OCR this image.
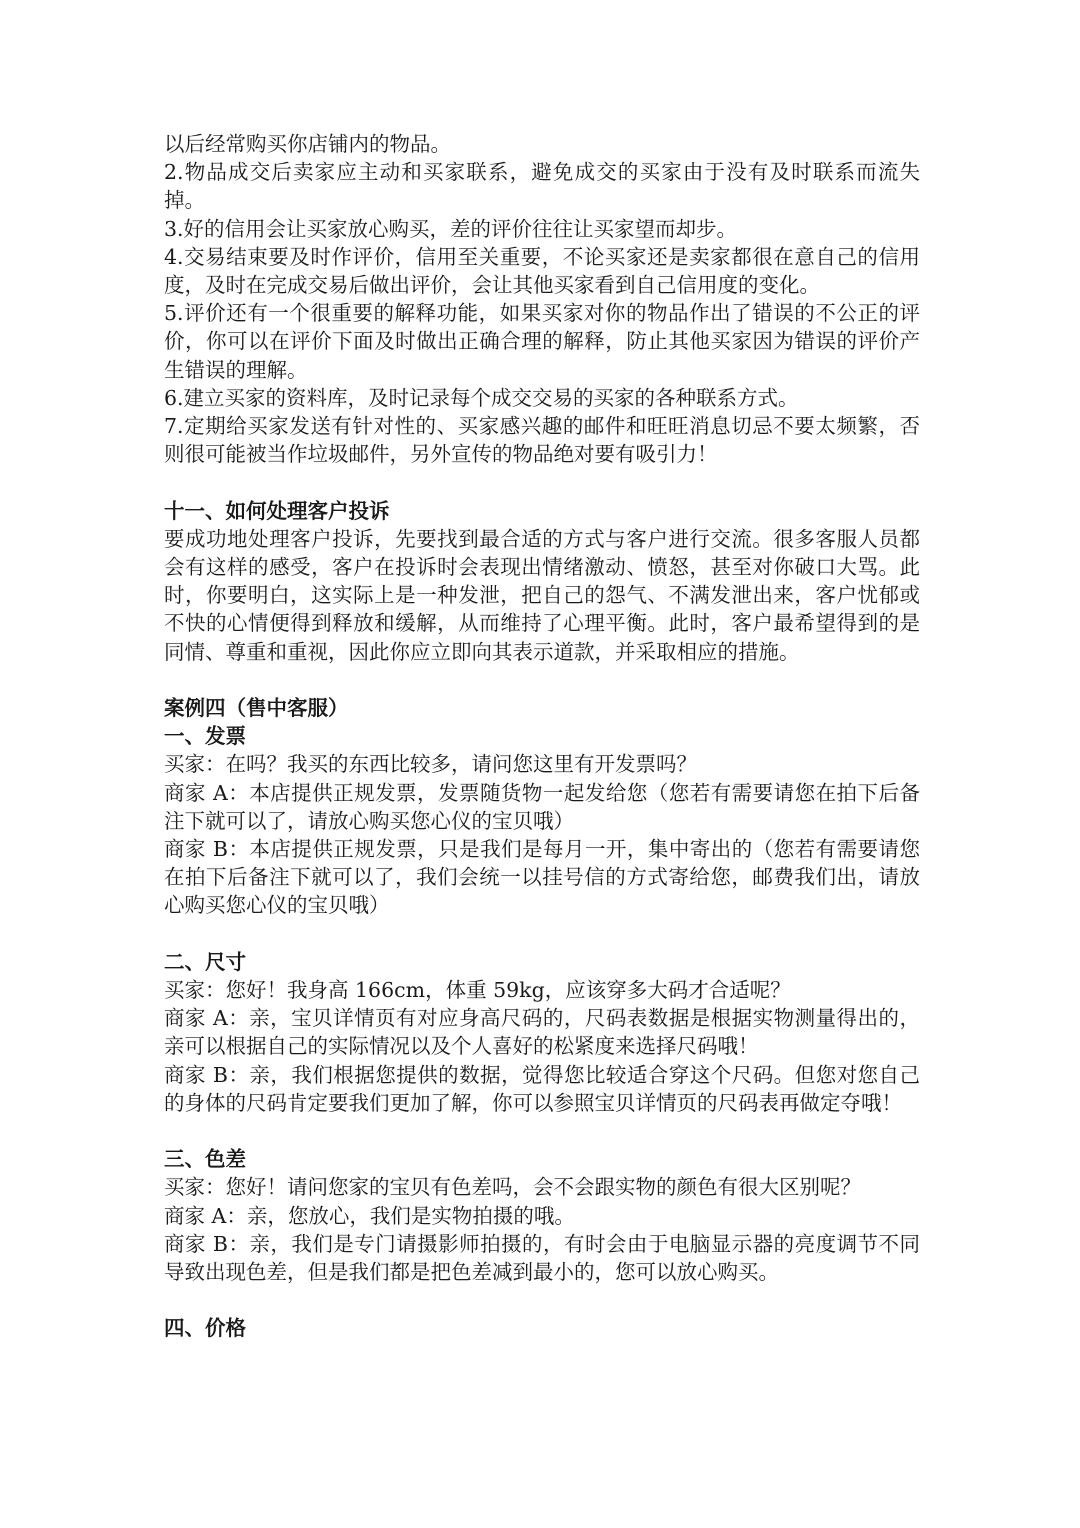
以后经常购买你店铺内的物品。

2.物品成交后卖家应主动和买家联系，避免成交的买家由于没有及时联系而流失掉。

3.好的信用会让买家放心购买，差的评价往往让买家望而却步。

4.交易结束要及时作评价，信用至关重要，不论买家还是卖家都很在意自己的信用度，及时在完成交易后做出评价，会让其他买家看到自己信用度的变化。

5.评价还有一个很重要的解释功能，如果买家对你的物品作出了错误的不公正的评价，你可以在评价下面及时做出正确合理的解释，防止其他买家因为错误的评价产生错误的理解。

6.建立买家的资料库，及时记录每个成交交易的买家的各种联系方式。

7.定期给买家发送有针对性的、买家感兴趣的邮件和旺旺消息切忌不要太频繁，否则很可能被当作垃圾邮件，另外宣传的物品绝对要有吸引力！

十一、如何处理客户投诉

要成功地处理客户投诉，先要找到最合适的方式与客户进行交流。很多客服人员都会有这样的感受，客户在投诉时会表现出情绪激动、愤怒，甚至对你破口大骂。此时，你要明白，这实际上是一种发泄，把自己的怨气、不满发泄出来，客户忧郁或不快的心情便得到释放和缓解，从而维持了心理平衡。此时，客户最希望得到的是同情、尊重和重视，因此你应立即向其表示道款，并采取相应的措施。

案例四（售中客服）

一、发票

买家：在吗？我买的东西比较多，请问您这里有开发票吗？

商家 A：本店提供正规发票，发票随货物一起发给您（您若有需要请您在拍下后备注下就可以了，请放心购买您心仪的宝贝哦）

商家 B：本店提供正规发票，只是我们是每月一开，集中寄出的（您若有需要请您在拍下后备注下就可以了，我们会统一以挂号信的方式寄给您，邮费我们出，请放心购买您心仪的宝贝哦）

二、尺寸

买家：您好！我身高 166cm，体重 59kg，应该穿多大码才合适呢？

商家 A：亲，宝贝详情页有对应身高尺码的，尺码表数据是根据实物测量得出的，亲可以根据自己的实际情况以及个人喜好的松紧度来选择尺码哦！

商家 B：亲，我们根据您提供的数据，觉得您比较适合穿这个尺码。但您对您自己的身体的尺码肯定要我们更加了解，你可以参照宝贝详情页的尺码表再做定夺哦！

三、色差

买家：您好！请问您家的宝贝有色差吗，会不会跟实物的颜色有很大区别呢？

商家 A：亲，您放心，我们是实物拍摄的哦。

商家 B：亲，我们是专门请摄影师拍摄的，有时会由于电脑显示器的亮度调节不同导致出现色差，但是我们都是把色差减到最小的，您可以放心购买。

四、价格
